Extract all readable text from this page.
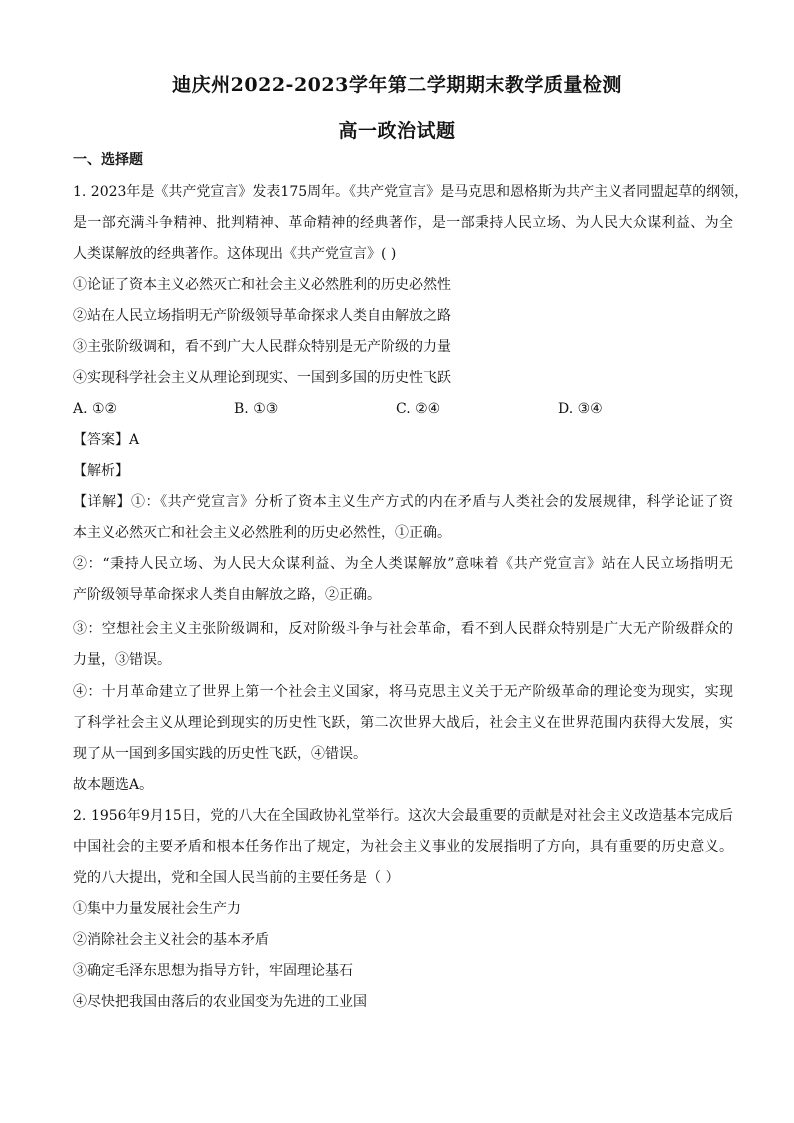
迪庆州2022-2023学年第二学期期末教学质量检测
高一政治试题
一、选择题
1. 2023年是《共产党宣言》发表175周年。《共产党宣言》是马克思和恩格斯为共产主义者同盟起草的纲领，
是一部充满斗争精神、批判精神、革命精神的经典著作，是一部秉持人民立场、为人民大众谋利益、为全
人类谋解放的经典著作。这体现出《共产党宣言》( )
①论证了资本主义必然灭亡和社会主义必然胜利的历史必然性
②站在人民立场指明无产阶级领导革命探求人类自由解放之路
③主张阶级调和，看不到广大人民群众特别是无产阶级的力量
④实现科学社会主义从理论到现实、一国到多国的历史性飞跃
A. ①②	B. ①③	C. ②④	D. ③④
【答案】A
【解析】
【详解】①：《共产党宣言》分析了资本主义生产方式的内在矛盾与人类社会的发展规律，科学论证了资
本主义必然灭亡和社会主义必然胜利的历史必然性，①正确。
②：“秉持人民立场、为人民大众谋利益、为全人类谋解放”意味着《共产党宣言》站在人民立场指明无
产阶级领导革命探求人类自由解放之路，②正确。
③：空想社会主义主张阶级调和，反对阶级斗争与社会革命，看不到人民群众特别是广大无产阶级群众的
力量，③错误。
④：十月革命建立了世界上第一个社会主义国家，将马克思主义关于无产阶级革命的理论变为现实，实现
了科学社会主义从理论到现实的历史性飞跃，第二次世界大战后，社会主义在世界范围内获得大发展，实
现了从一国到多国实践的历史性飞跃，④错误。
故本题选A。
2. 1956年9月15日，党的八大在全国政协礼堂举行。这次大会最重要的贡献是对社会主义改造基本完成后
中国社会的主要矛盾和根本任务作出了规定，为社会主义事业的发展指明了方向，具有重要的历史意义。
党的八大提出，党和全国人民当前的主要任务是（ ）
①集中力量发展社会生产力
②消除社会主义社会的基本矛盾
③确定毛泽东思想为指导方针，牢固理论基石
④尽快把我国由落后的农业国变为先进的工业国
